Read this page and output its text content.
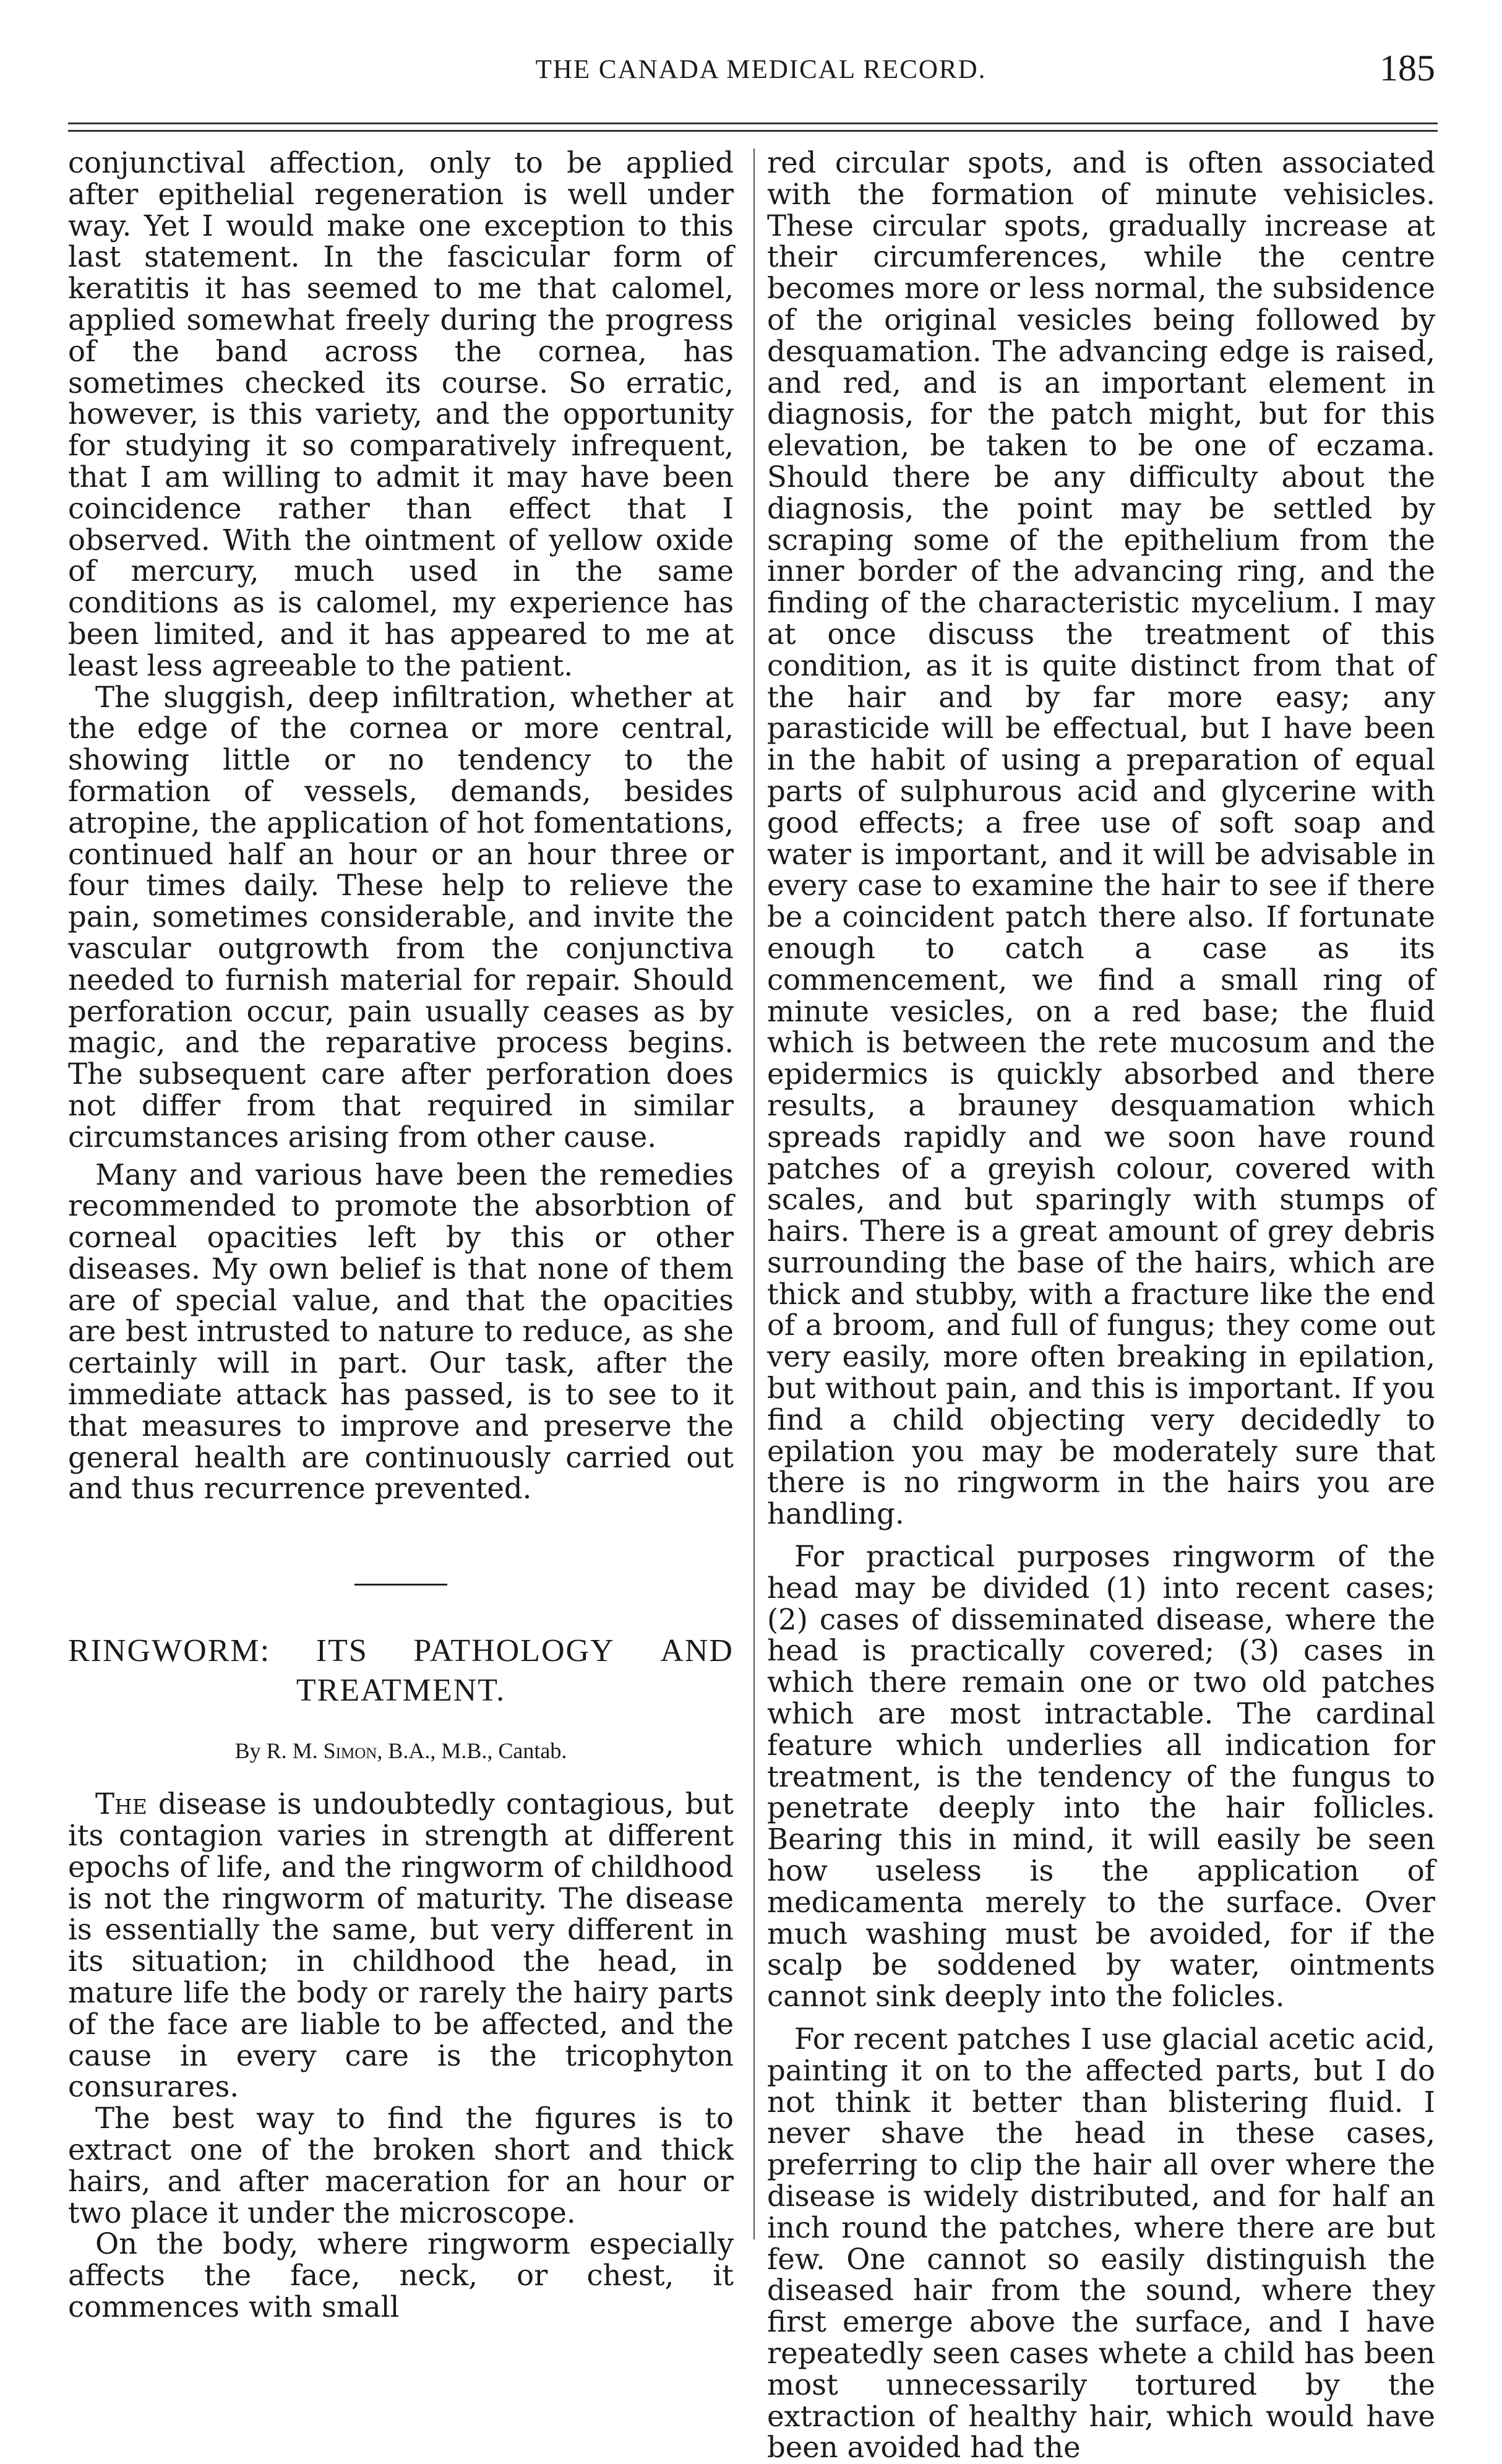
THE CANADA MEDICAL RECORD.	185

conjunctival affection, only to be applied after epithelial regeneration is well under way. Yet I would make one exception to this last statement. In the fascicular form of keratitis it has seemed to me that calomel, applied somewhat freely during the progress of the band across the cornea, has sometimes checked its course. So erratic, however, is this variety, and the opportunity for studying it so comparatively infrequent, that I am willing to admit it may have been coincidence rather than effect that I observed. With the ointment of yellow oxide of mercury, much used in the same conditions as is calomel, my experience has been limited, and it has appeared to me at least less agreeable to the patient.

The sluggish, deep infiltration, whether at the edge of the cornea or more central, showing little or no tendency to the formation of vessels, demands, besides atropine, the application of hot fomentations, continued half an hour or an hour three or four times daily. These help to relieve the pain, sometimes considerable, and invite the vascular outgrowth from the conjunctiva needed to furnish material for repair. Should perforation occur, pain usually ceases as by magic, and the reparative process begins. The subsequent care after perforation does not differ from that required in similar circumstances arising from other cause.

Many and various have been the remedies recommended to promote the absorbtion of corneal opacities left by this or other diseases. My own belief is that none of them are of special value, and that the opacities are best intrusted to nature to reduce, as she certainly will in part. Our task, after the immediate attack has passed, is to see to it that measures to improve and preserve the general health are continuously carried out and thus recurrence prevented.

RINGWORM: ITS PATHOLOGY AND
TREATMENT.
By R. M. Simon, B.A., M.B., Cantab.

The disease is undoubtedly contagious, but its contagion varies in strength at different epochs of life, and the ringworm of childhood is not the ringworm of maturity. The disease is essentially the same, but very different in its situation; in childhood the head, in mature life the body or rarely the hairy parts of the face are liable to be affected, and the cause in every care is the tricophyton consurares.

The best way to find the figures is to extract one of the broken short and thick hairs, and after maceration for an hour or two place it under the microscope.

On the body, where ringworm especially affects the face, neck, or chest, it commences with small

red circular spots, and is often associated with the formation of minute vehisicles. These circular spots, gradually increase at their circumferences, while the centre becomes more or less normal, the subsidence of the original vesicles being followed by desquamation. The advancing edge is raised, and red, and is an important element in diagnosis, for the patch might, but for this elevation, be taken to be one of eczama. Should there be any difficulty about the diagnosis, the point may be settled by scraping some of the epithelium from the inner border of the advancing ring, and the finding of the characteristic mycelium. I may at once discuss the treatment of this condition, as it is quite distinct from that of the hair and by far more easy; any parasticide will be effectual, but I have been in the habit of using a preparation of equal parts of sulphurous acid and glycerine with good effects; a free use of soft soap and water is important, and it will be advisable in every case to examine the hair to see if there be a coincident patch there also. If fortunate enough to catch a case as its commencement, we find a small ring of minute vesicles, on a red base; the fluid which is between the rete mucosum and the epidermics is quickly absorbed and there results, a brauney desquamation which spreads rapidly and we soon have round patches of a greyish colour, covered with scales, and but sparingly with stumps of hairs. There is a great amount of grey debris surrounding the base of the hairs, which are thick and stubby, with a fracture like the end of a broom, and full of fungus; they come out very easily, more often breaking in epilation, but without pain, and this is important. If you find a child objecting very decidedly to epilation you may be moderately sure that there is no ringworm in the hairs you are handling.

For practical purposes ringworm of the head may be divided (1) into recent cases; (2) cases of disseminated disease, where the head is practically covered; (3) cases in which there remain one or two old patches which are most intractable. The cardinal feature which underlies all indication for treatment, is the tendency of the fungus to penetrate deeply into the hair follicles. Bearing this in mind, it will easily be seen how useless is the application of medicamenta merely to the surface. Over much washing must be avoided, for if the scalp be soddened by water, ointments cannot sink deeply into the folicles.

For recent patches I use glacial acetic acid, painting it on to the affected parts, but I do not think it better than blistering fluid. I never shave the head in these cases, preferring to clip the hair all over where the disease is widely distributed, and for half an inch round the patches, where there are but few. One cannot so easily distinguish the diseased hair from the sound, where they first emerge above the surface, and I have repeatedly seen cases whete a child has been most unnecessarily tortured by the extraction of healthy hair, which would have been avoided had the
